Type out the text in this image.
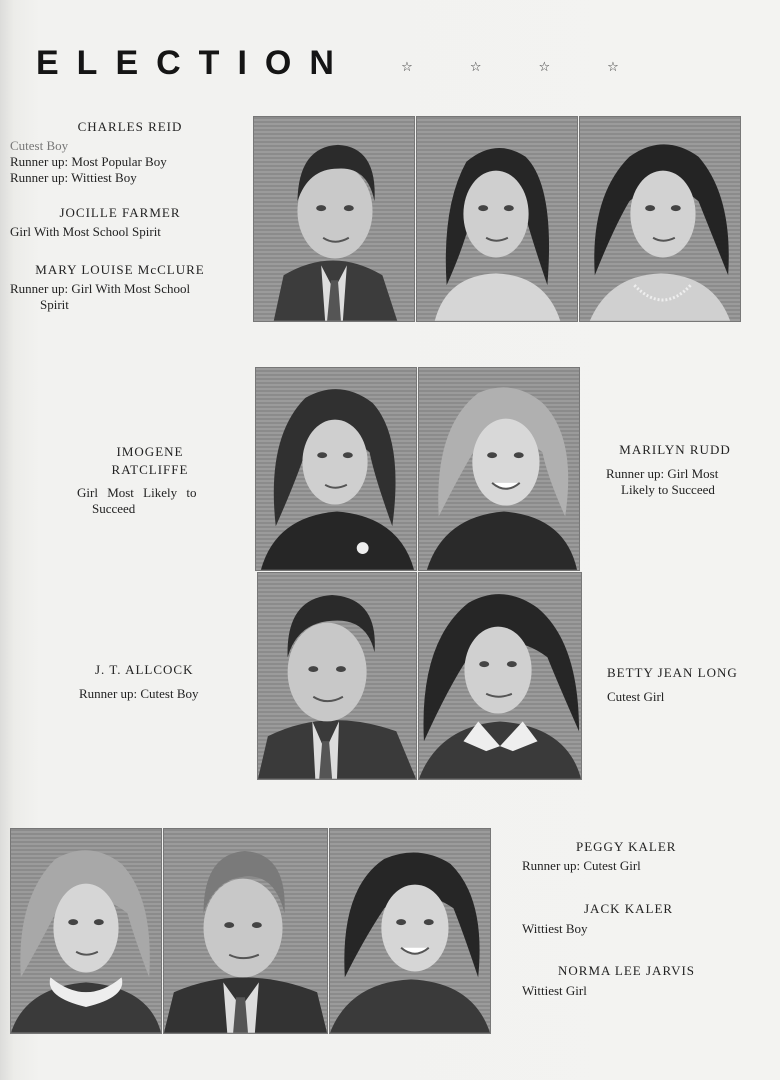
ELECTION	☆	☆	☆	☆
CHARLES REID
Cutest Boy
Runner up: Most Popular Boy
Runner up: Wittiest Boy
JOCILLE FARMER
Girl With Most School Spirit
MARY LOUISE McCLURE
Runner up: Girl With Most School
Spirit
IMOGENE
RATCLIFFE
Girl Most Likely to
Succeed
MARILYN RUDD
Runner up: Girl Most
Likely to Succeed
J. T. ALLCOCK
Runner up: Cutest Boy
BETTY JEAN LONG
Cutest Girl
PEGGY KALER
Runner up: Cutest Girl
JACK KALER
Wittiest Boy
NORMA LEE JARVIS
Wittiest Girl
